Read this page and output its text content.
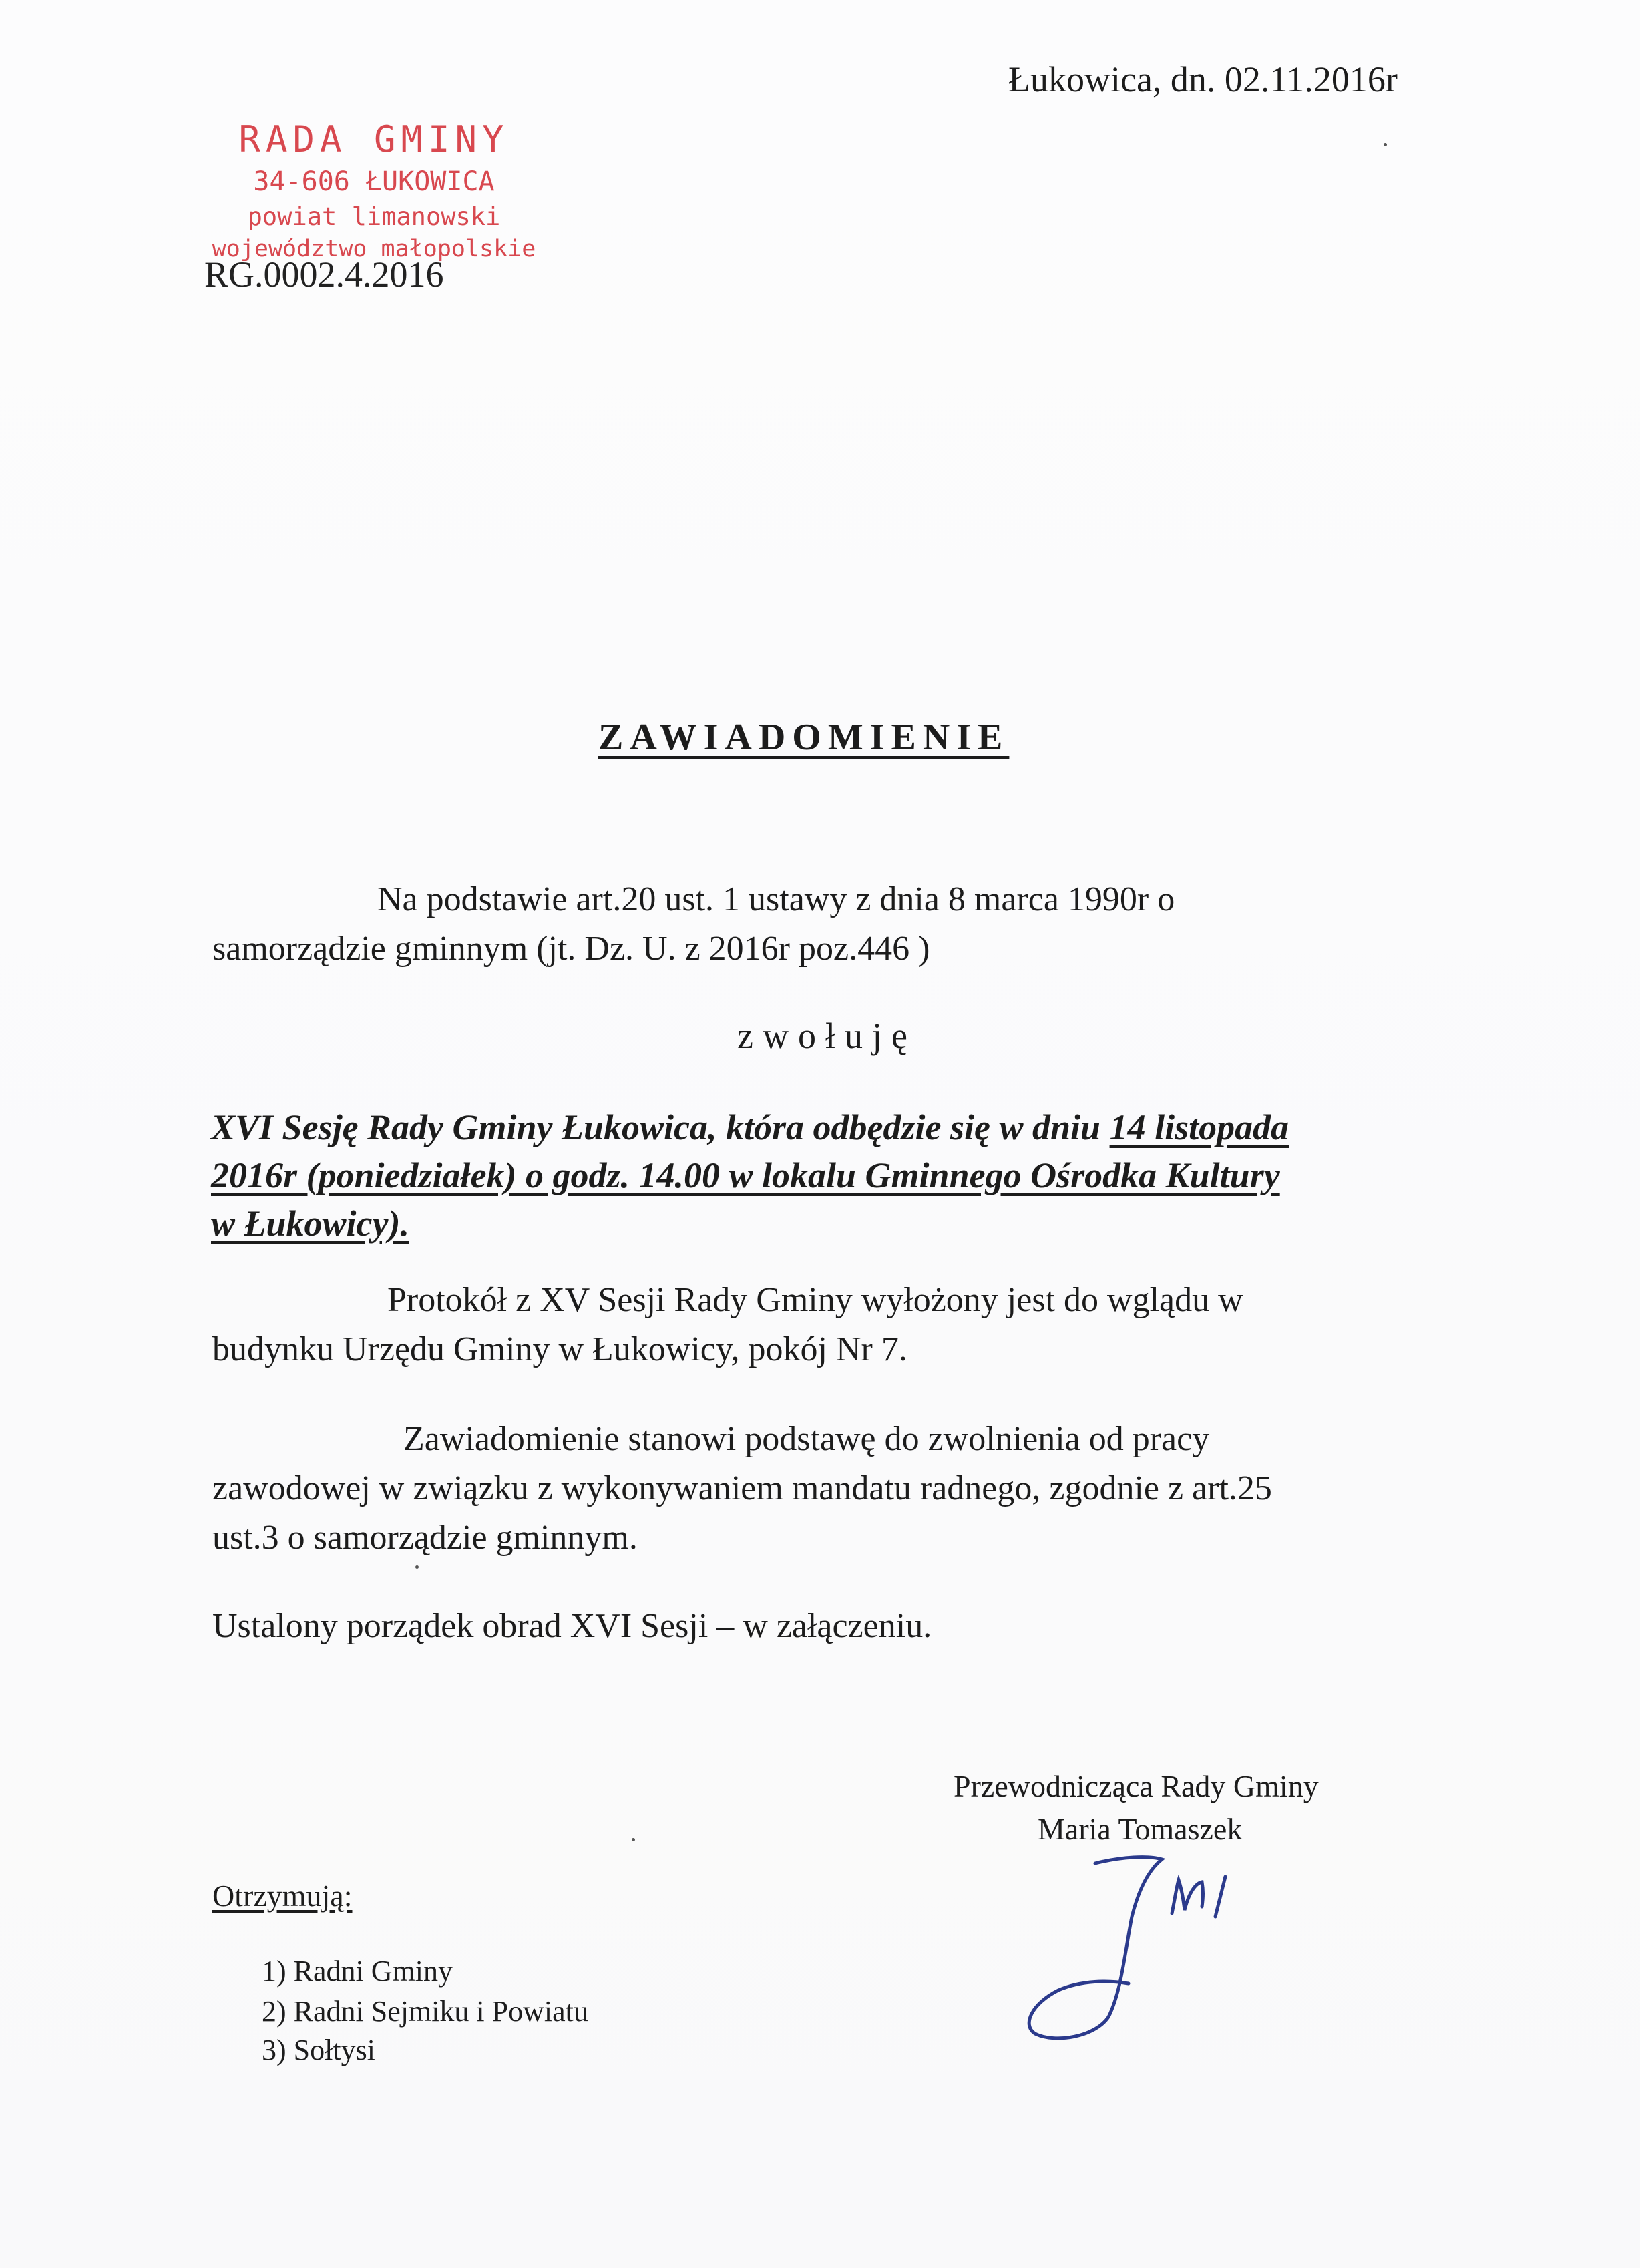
Łukowica, dn. 02.11.2016r
RADA GMINY
34-606 ŁUKOWICA
powiat limanowski
województwo małopolskie
RG.0002.4.2016
ZAWIADOMIENIE
Na podstawie art.20 ust. 1 ustawy z dnia 8 marca 1990r o
samorządzie gminnym (jt. Dz. U. z 2016r poz.446 )
zwołuję
XVI Sesję Rady Gminy Łukowica, która odbędzie się w dniu 14 listopada
2016r (poniedziałek) o godz. 14.00 w lokalu Gminnego Ośrodka Kultury
w Łukowicy).
Protokół z XV Sesji Rady Gminy wyłożony jest do wglądu w
budynku Urzędu Gminy w Łukowicy, pokój Nr 7.
Zawiadomienie stanowi podstawę do zwolnienia od pracy
zawodowej w związku z wykonywaniem mandatu radnego, zgodnie z art.25
ust.3 o samorządzie gminnym.
Ustalony porządek obrad XVI Sesji – w załączeniu.
Przewodnicząca Rady Gminy
Maria Tomaszek
Otrzymują:
1) Radni Gminy
2) Radni Sejmiku i Powiatu
3) Sołtysi
